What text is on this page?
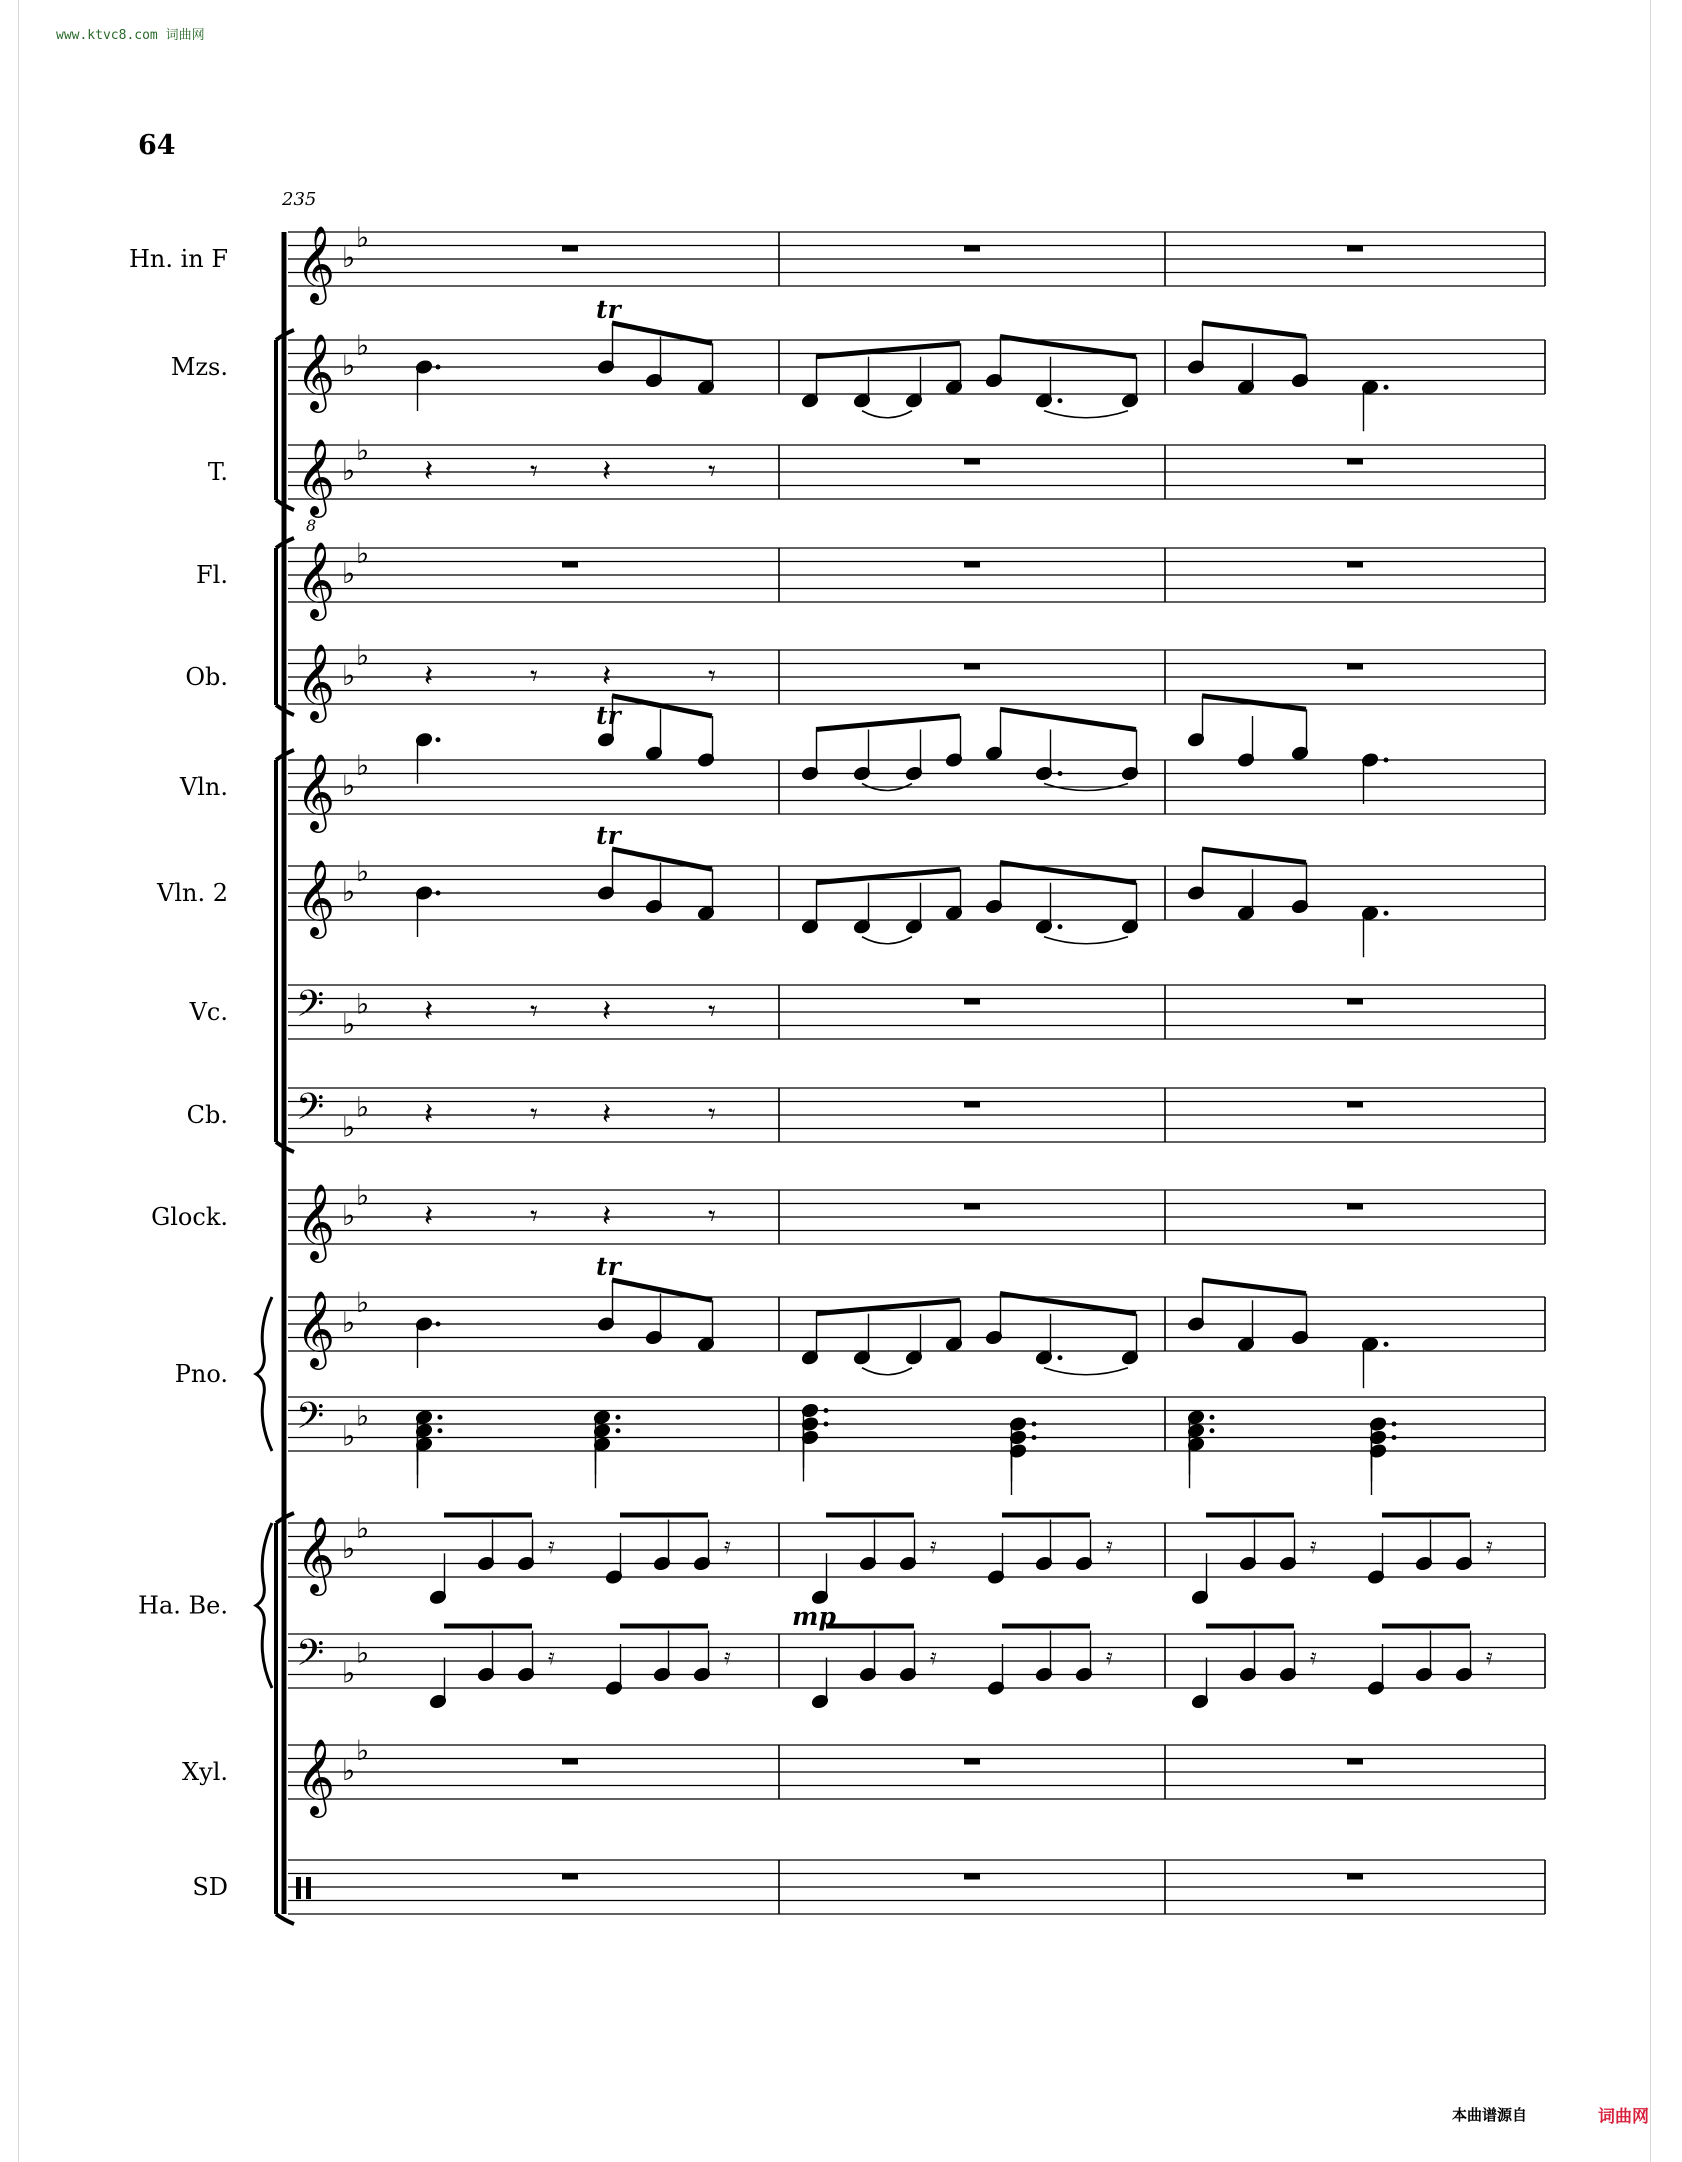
www.ktvc8.com 词曲网
64
Hn. in F
Mzs.
T.
Fl.
Ob.
Vln.
Vln. 2
Vc.
Cb.
Glock.
Pno.
Ha. Be.
Xyl.
SD
𝄞 ♭
♭
𝄞 ♭
♭
tr
𝄞
8
♭
♭
𝄽	𝄾 𝄽	𝄾
𝄞 ♭
♭
𝄞 ♭
♭
𝄽	𝄾 𝄽	𝄾
𝄞 ♭
♭
tr
𝄞 ♭
♭
tr
𝄢 ♭
♭ 𝄽	𝄾 𝄽	𝄾
𝄢 ♭
♭ 𝄽	𝄾 𝄽	𝄾
𝄞 ♭
♭
𝄽	𝄾 𝄽	𝄾
𝄞 ♭
♭
𝄢 ♭
♭
tr
𝄞 ♭
♭
𝄢 ♭
♭
𝄿	𝄿	𝄿	𝄿	𝄿	𝄿
𝄿	𝄿	𝄿	𝄿	𝄿	𝄿
mp
𝄞 ♭
♭
235
本曲谱源自	词曲网
